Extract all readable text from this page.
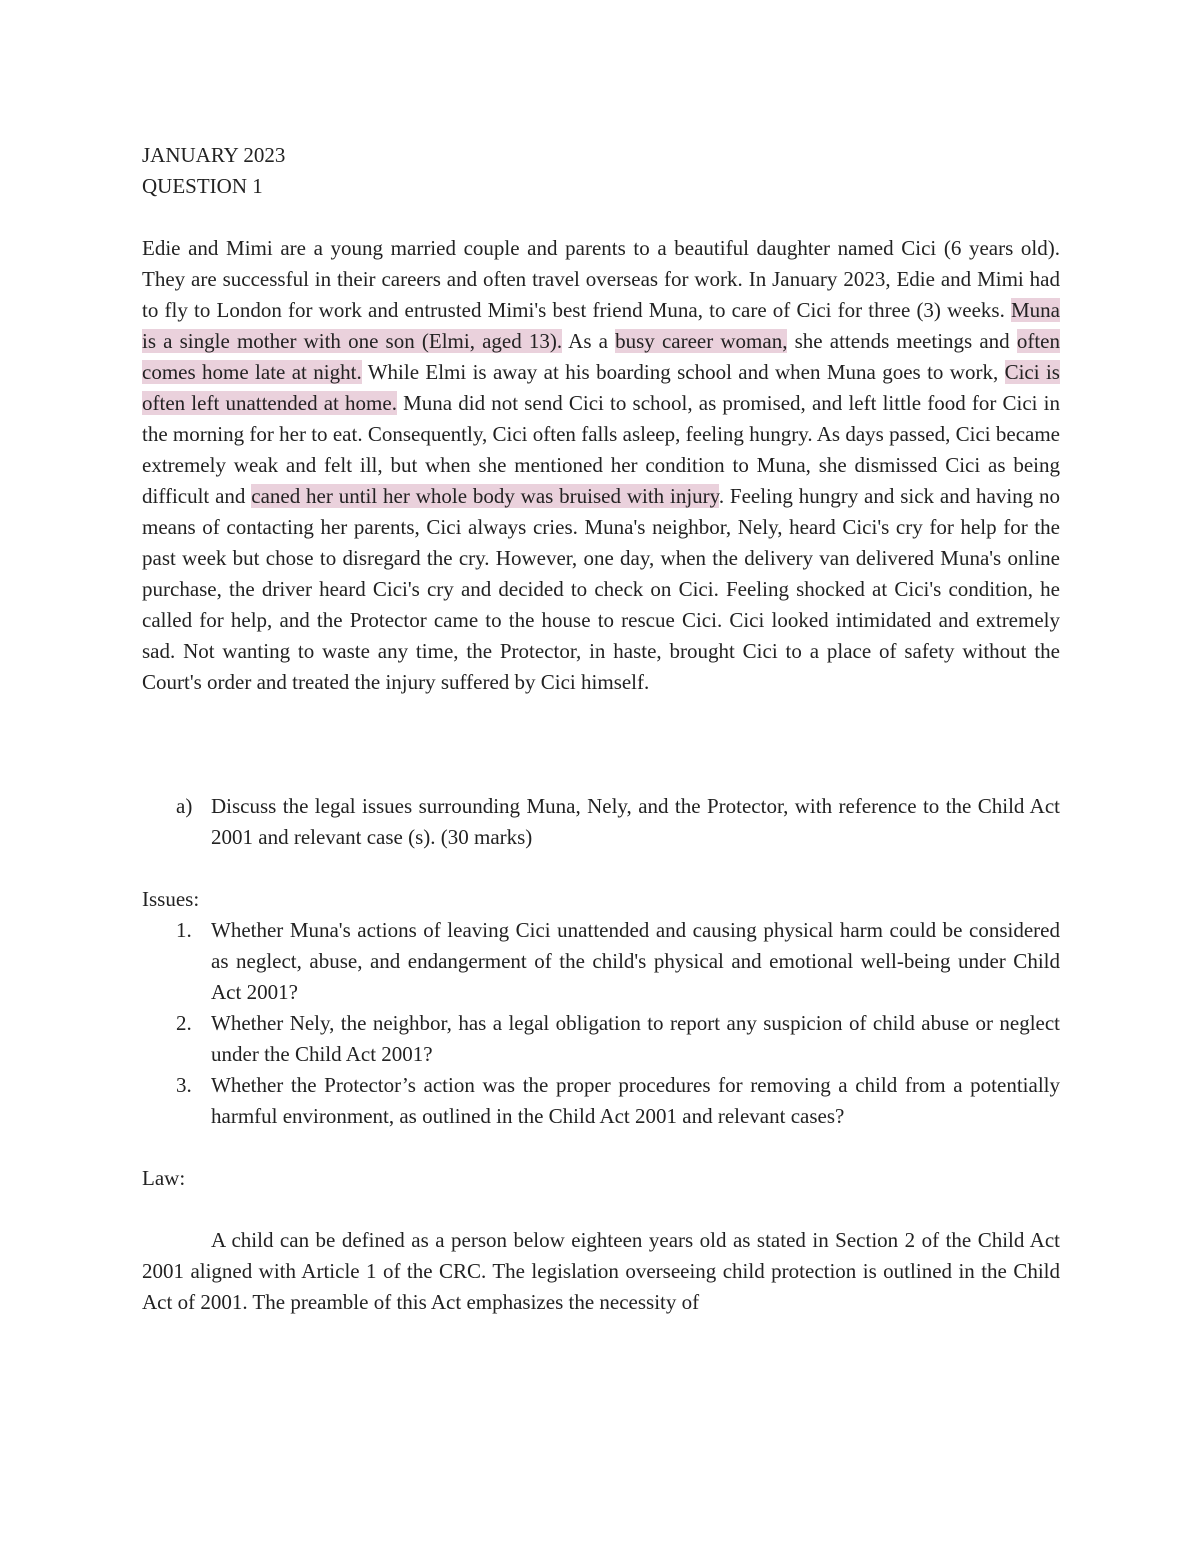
JANUARY 2023

QUESTION 1

Edie and Mimi are a young married couple and parents to a beautiful daughter named Cici (6 years old). They are successful in their careers and often travel overseas for work. In January 2023, Edie and Mimi had to fly to London for work and entrusted Mimi's best friend Muna, to care of Cici for three (3) weeks. Muna is a single mother with one son (Elmi, aged 13). As a busy career woman, she attends meetings and often comes home late at night. While Elmi is away at his boarding school and when Muna goes to work, Cici is often left unattended at home. Muna did not send Cici to school, as promised, and left little food for Cici in the morning for her to eat. Consequently, Cici often falls asleep, feeling hungry. As days passed, Cici became extremely weak and felt ill, but when she mentioned her condition to Muna, she dismissed Cici as being difficult and caned her until her whole body was bruised with injury. Feeling hungry and sick and having no means of contacting her parents, Cici always cries. Muna's neighbor, Nely, heard Cici's cry for help for the past week but chose to disregard the cry. However, one day, when the delivery van delivered Muna's online purchase, the driver heard Cici's cry and decided to check on Cici. Feeling shocked at Cici's condition, he called for help, and the Protector came to the house to rescue Cici. Cici looked intimidated and extremely sad. Not wanting to waste any time, the Protector, in haste, brought Cici to a place of safety without the Court's order and treated the injury suffered by Cici himself.

a) Discuss the legal issues surrounding Muna, Nely, and the Protector, with reference to the Child Act 2001 and relevant case (s). (30 marks)

Issues:

1. Whether Muna's actions of leaving Cici unattended and causing physical harm could be considered as neglect, abuse, and endangerment of the child's physical and emotional well-being under Child Act 2001?
2. Whether Nely, the neighbor, has a legal obligation to report any suspicion of child abuse or neglect under the Child Act 2001?
3. Whether the Protector’s action was the proper procedures for removing a child from a potentially harmful environment, as outlined in the Child Act 2001 and relevant cases?

Law:

A child can be defined as a person below eighteen years old as stated in Section 2 of the Child Act 2001 aligned with Article 1 of the CRC. The legislation overseeing child protection is outlined in the Child Act of 2001. The preamble of this Act emphasizes the necessity of
